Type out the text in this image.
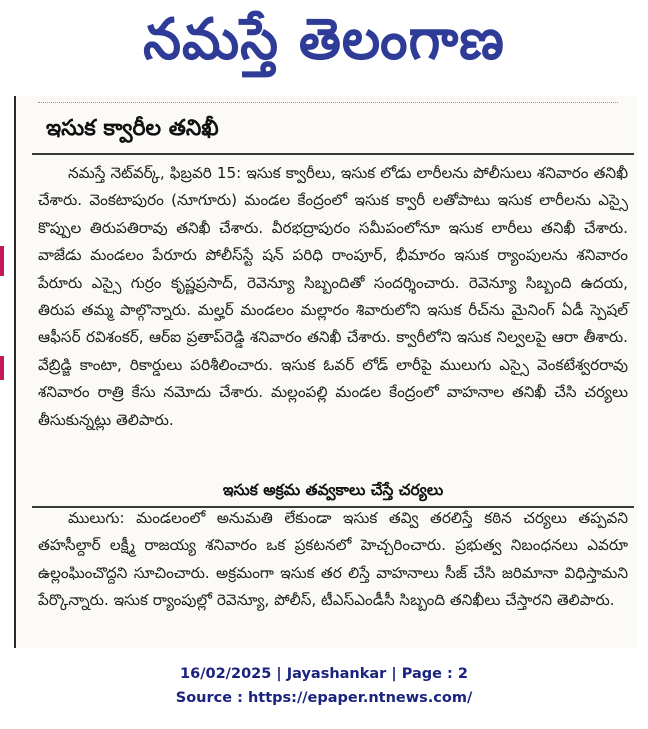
నమస్తే తెలంగాణ
ఇసుక క్వారీల తనిఖీ

నమస్తే నెట్‌వర్క్, ఫిబ్రవరి 15: ఇసుక క్వారీలు, ఇసుక లోడు లారీలను పోలీసులు శనివారం తనిఖీ చేశారు. వెంకటాపురం (నూగూరు) మండల కేంద్రంలో ఇసుక క్వారీ లతోపాటు ఇసుక లారీలను ఎస్సై కొప్పుల తిరుపతిరావు తనిఖీ చేశారు. వీరభద్రాపురం సమీపంలోనూ ఇసుక లారీలు తనిఖీ చేశారు. వాజేడు మండలం పేరూరు పోలీస్‌స్టే షన్ పరిధి రాంపూర్, భీమారం ఇసుక ర్యాంపులను శనివారం పేరూరు ఎస్సై గుర్రం కృష్ణప్రసాద్, రెవెన్యూ సిబ్బందితో సందర్శించారు. రెవెన్యూ సిబ్బంది ఉదయ, తిరుప తమ్మ పాల్గొన్నారు. మల్హర్ మండలం మల్లారం శివారులోని ఇసుక రీచ్‌ను మైనింగ్ ఏడీ స్పెషల్ ఆఫీసర్ రవిశంకర్, ఆర్ఐ ప్రతాప్‌రెడ్డి శనివారం తనిఖీ చేశారు. క్వారీలోని ఇసుక నిల్వలపై ఆరా తీశారు. వేబ్రిడ్జి కాంటా, రికార్డులు పరిశీలించారు. ఇసుక ఓవర్ లోడ్ లారీపై ములుగు ఎస్సై వెంకటేశ్వరరావు శనివారం రాత్రి కేసు నమోదు చేశారు. మల్లంపల్లి మండల కేంద్రంలో వాహనాల తనిఖీ చేసి చర్యలు తీసుకున్నట్లు తెలిపారు.

ఇసుక అక్రమ తవ్వకాలు చేస్తే చర్యలు

ములుగు: మండలంలో అనుమతి లేకుండా ఇసుక తవ్వి తరలిస్తే కఠిన చర్యలు తప్పవని తహసీల్దార్ లక్ష్మీ రాజయ్య శనివారం ఒక ప్రకటనలో హెచ్చరించారు. ప్రభుత్వ నిబంధనలు ఎవరూ ఉల్లంఘించొద్దని సూచించారు. అక్రమంగా ఇసుక తర లిస్తే వాహనాలు సీజ్ చేసి జరిమానా విధిస్తామని పేర్కొన్నారు. ఇసుక ర్యాంపుల్లో రెవెన్యూ, పోలీస్, టీఎస్ఎండీసీ సిబ్బంది తనిఖీలు చేస్తారని తెలిపారు.

16/02/2025 | Jayashankar | Page : 2
Source : https://epaper.ntnews.com/
